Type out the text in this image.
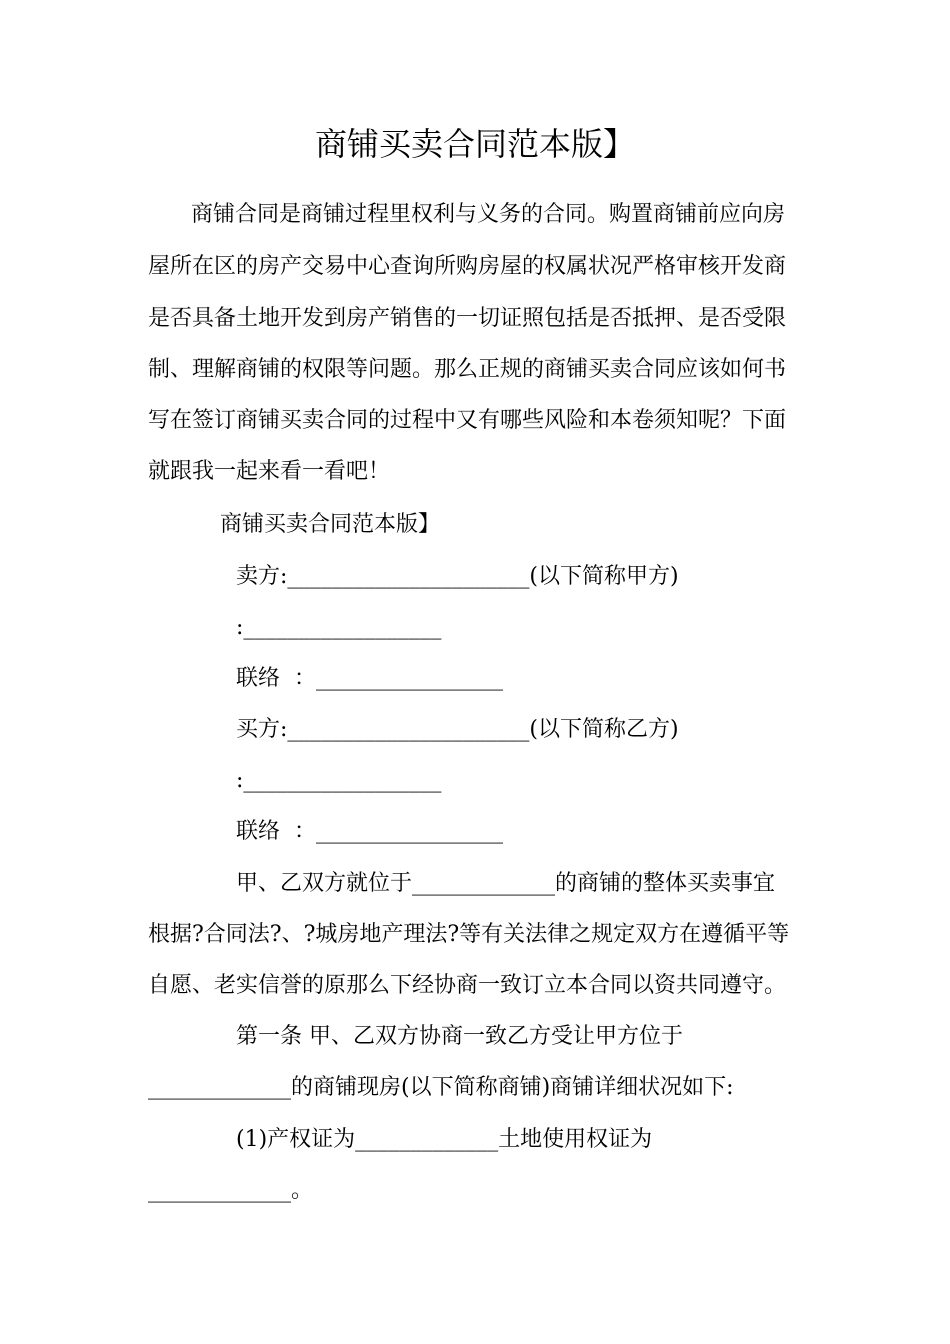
商铺买卖合同范本版】
商铺合同是商铺过程里权利与义务的合同。购置商铺前应向房
屋所在区的房产交易中心查询所购房屋的权属状况严格审核开发商
是否具备土地开发到房产销售的一切证照包括是否抵押、是否受限
制、理解商铺的权限等问题。那么正规的商铺买卖合同应该如何书
写在签订商铺买卖合同的过程中又有哪些风险和本卷须知呢？下面
就跟我一起来看一看吧！
商铺买卖合同范本版】
卖方:______________________(以下简称甲方)
:__________________
联络  ：_________________
买方:______________________(以下简称乙方)
:__________________
联络  ：_________________
甲、乙双方就位于_____________的商铺的整体买卖事宜
根据?合同法?、?城房地产理法?等有关法律之规定双方在遵循平等
自愿、老实信誉的原那么下经协商一致订立本合同以资共同遵守。
第一条 甲、乙双方协商一致乙方受让甲方位于
_____________的商铺现房(以下简称商铺)商铺详细状况如下:
(1)产权证为_____________土地使用权证为
_____________。
